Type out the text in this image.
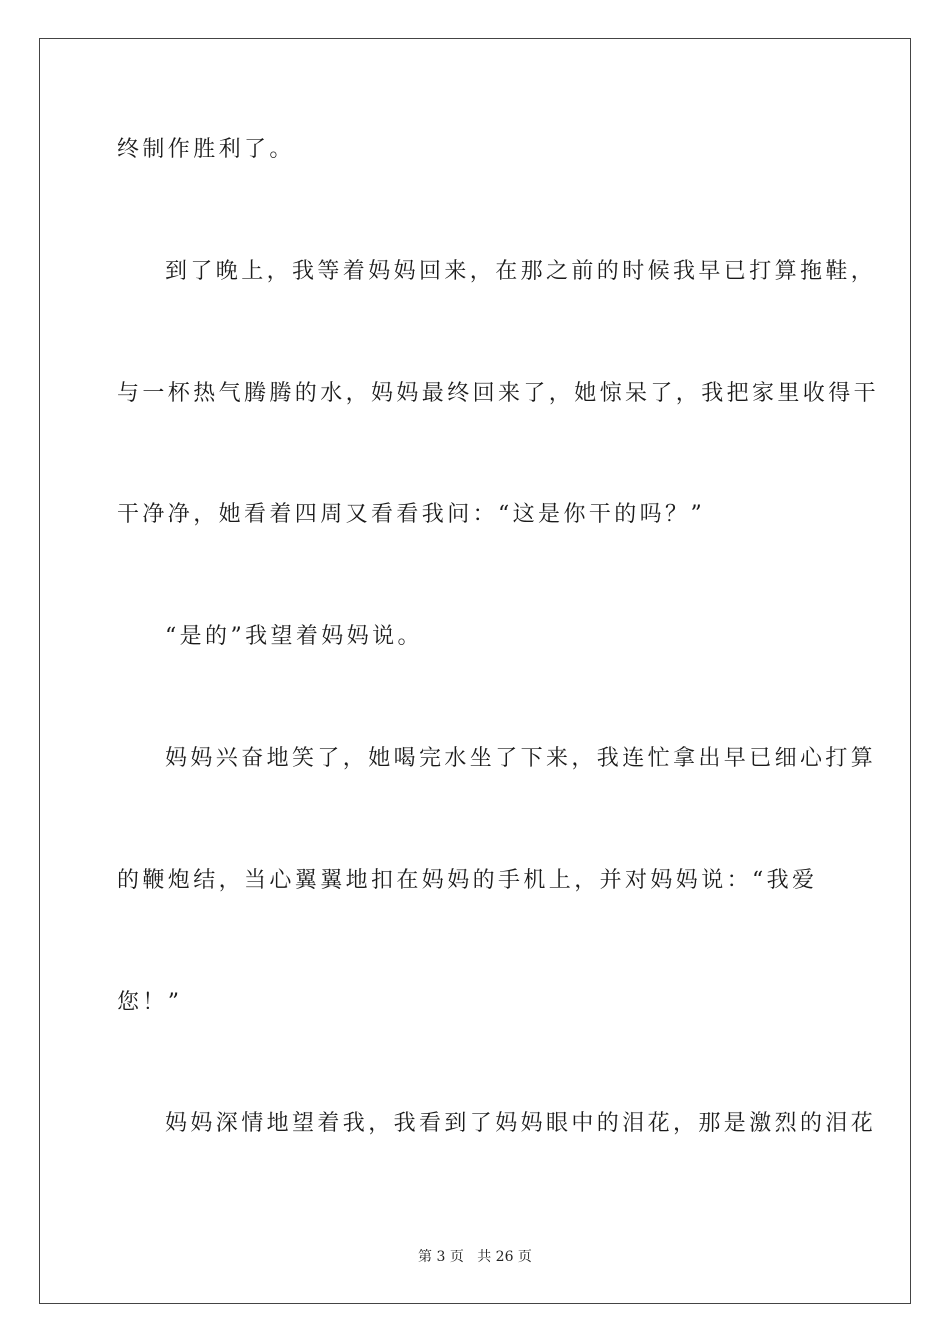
终制作胜利了。
到了晚上，我等着妈妈回来，在那之前的时候我早已打算拖鞋，
与一杯热气腾腾的水，妈妈最终回来了，她惊呆了，我把家里收得干
干净净，她看着四周又看看我问：“这是你干的吗？”
“是的”我望着妈妈说。
妈妈兴奋地笑了，她喝完水坐了下来，我连忙拿出早已细心打算
的鞭炮结，当心翼翼地扣在妈妈的手机上，并对妈妈说：“我爱
您！”
妈妈深情地望着我，我看到了妈妈眼中的泪花，那是激烈的泪花
第 3 页 共 26 页
